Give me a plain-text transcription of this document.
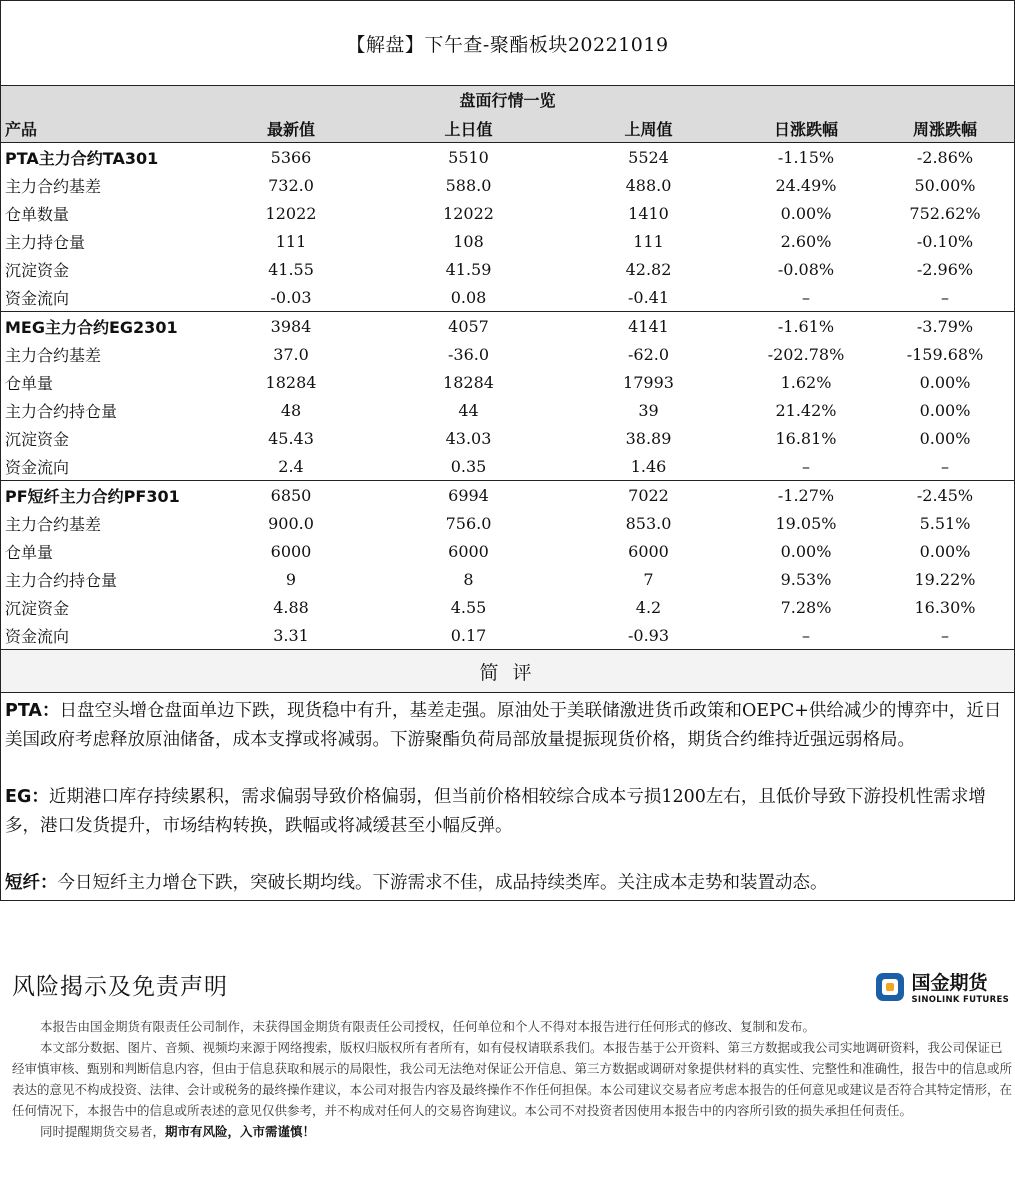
【解盘】下午查-聚酯板块20221019
盘面行情一览
产品	最新值	上日值	上周值	日涨跌幅	周涨跌幅
PTA主力合约TA301	5366	5510	5524	-1.15%	-2.86%
主力合约基差	732.0	588.0	488.0	24.49%	50.00%
仓单数量	12022	12022	1410	0.00%	752.62%
主力持仓量	111	108	111	2.60%	-0.10%
沉淀资金	41.55	41.59	42.82	-0.08%	-2.96%
资金流向	-0.03	0.08	-0.41	–	–
MEG主力合约EG2301	3984	4057	4141	-1.61%	-3.79%
主力合约基差	37.0	-36.0	-62.0	-202.78%	-159.68%
仓单量	18284	18284	17993	1.62%	0.00%
主力合约持仓量	48	44	39	21.42%	0.00%
沉淀资金	45.43	43.03	38.89	16.81%	0.00%
资金流向	2.4	0.35	1.46	–	–
PF短纤主力合约PF301	6850	6994	7022	-1.27%	-2.45%
主力合约基差	900.0	756.0	853.0	19.05%	5.51%
仓单量	6000	6000	6000	0.00%	0.00%
主力合约持仓量	9	8	7	9.53%	19.22%
沉淀资金	4.88	4.55	4.2	7.28%	16.30%
资金流向	3.31	0.17	-0.93	–	–
简 评

PTA：日盘空头增仓盘面单边下跌，现货稳中有升，基差走强。原油处于美联储激进货币政策和OEPC+供给减少的博弈中，近日美国政府考虑释放原油储备，成本支撑或将减弱。下游聚酯负荷局部放量提振现货价格，期货合约维持近强远弱格局。

EG：近期港口库存持续累积，需求偏弱导致价格偏弱，但当前价格相较综合成本亏损1200左右，且低价导致下游投机性需求增多，港口发货提升，市场结构转换，跌幅或将减缓甚至小幅反弹。

短纤：今日短纤主力增仓下跌，突破长期均线。下游需求不佳，成品持续类库。关注成本走势和装置动态。

风险揭示及免责声明	国金期货
SINOLINK FUTURES

本报告由国金期货有限责任公司制作，未获得国金期货有限责任公司授权，任何单位和个人不得对本报告进行任何形式的修改、复制和发布。

本文部分数据、图片、音频、视频均来源于网络搜索，版权归版权所有者所有，如有侵权请联系我们。本报告基于公开资料、第三方数据或我公司实地调研资料，我公司保证已经审慎审核、甄别和判断信息内容，但由于信息获取和展示的局限性，我公司无法绝对保证公开信息、第三方数据或调研对象提供材料的真实性、完整性和准确性，报告中的信息或所表达的意见不构成投资、法律、会计或税务的最终操作建议，本公司对报告内容及最终操作不作任何担保。本公司建议交易者应考虑本报告的任何意见或建议是否符合其特定情形，在任何情况下，本报告中的信息或所表述的意见仅供参考，并不构成对任何人的交易咨询建议。本公司不对投资者因使用本报告中的内容所引致的损失承担任何责任。

同时提醒期货交易者，期市有风险，入市需谨慎！
